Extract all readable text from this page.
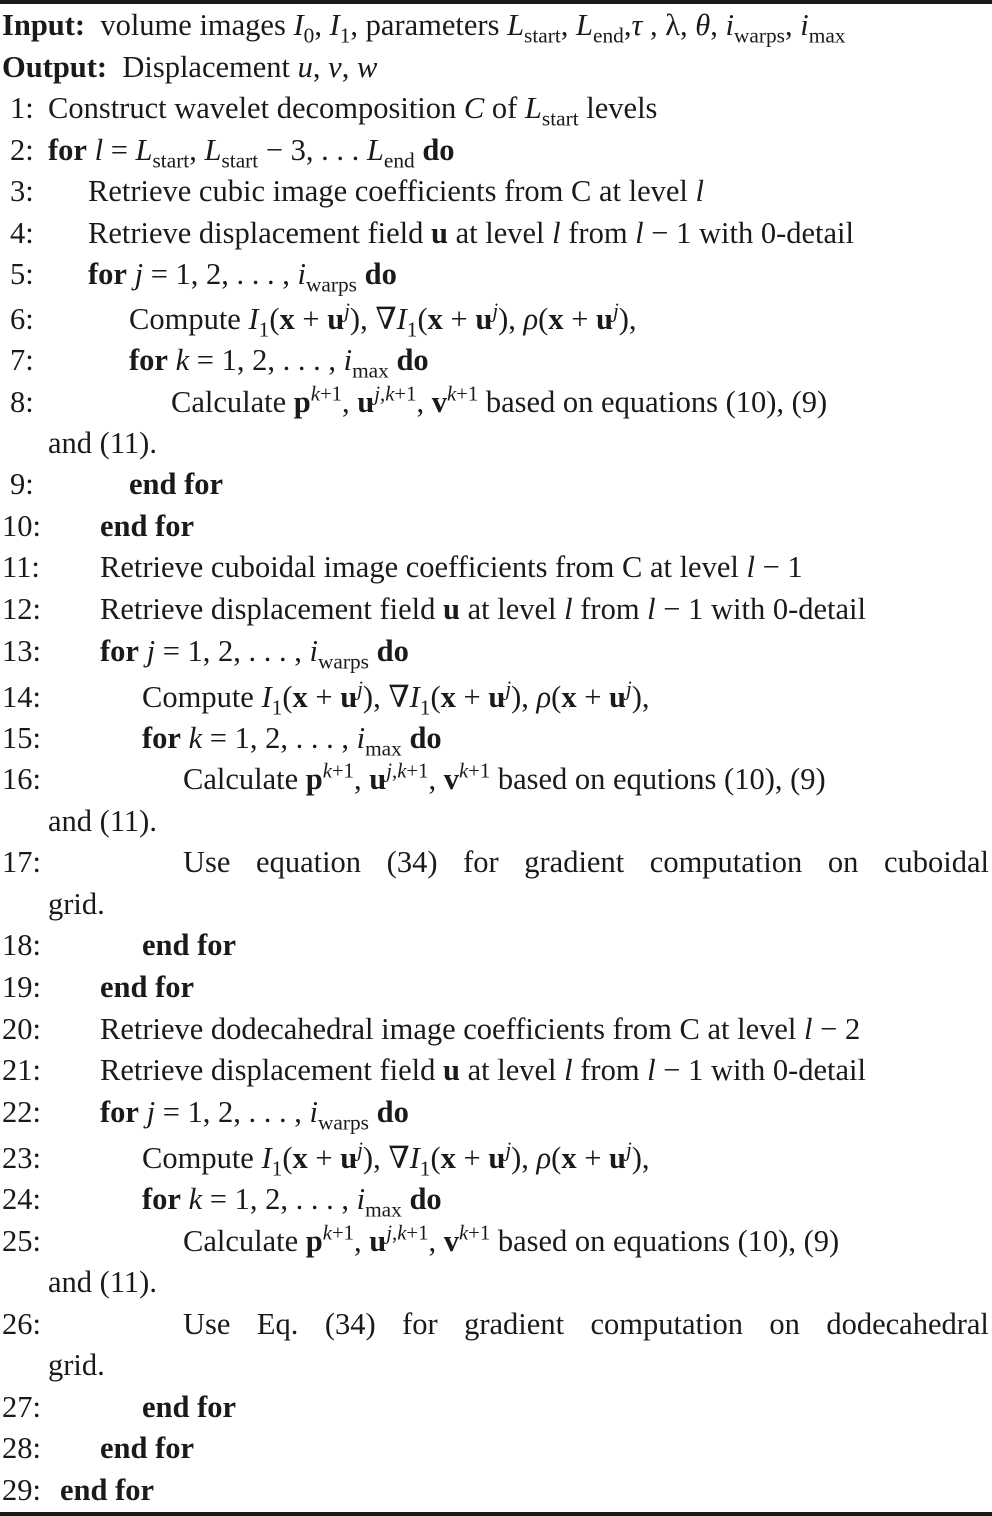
Input: volume images $I_0$, $I_1$, parameters $L_{start}$, $L_{end},\tau$ , λ, θ, $i_{warps}$, $i_{max}$
Output: Displacement u, v, w
1: Construct wavelet decomposition C of $L_{start}$ levels
2: for $l = L_{start}$, $L_{start} - 3$, . . . $L_{end}$ do
3: Retrieve cubic image coefficients from C at level l
4: Retrieve displacement field u at level l from l − 1 with 0-detail
5: for j = 1, 2, . . . , $i_{warps}$ do
6:	Compute $I_1(x + u^j)$, $\nabla I_1(x + u^j)$, $\rho(x + u^j)$,
7:	for k = 1, 2, . . . , $i_{max}$ do
8:	Calculate $p^{k+1}$, $u^{j,k+1}$, $v^{k+1}$ based on equations (10), (9)
and (11).
9:	end for
10: end for
11: Retrieve cuboidal image coefficients from C at level l − 1
12: Retrieve displacement field u at level l from l − 1 with 0-detail
13: for j = 1, 2, . . . , $i_{warps}$ do
14:	Compute $I_1(x + u^j)$, $\nabla I_1(x + u^j)$, $\rho(x + u^j)$,
15:	for k = 1, 2, . . . , $i_{max}$ do
16:	Calculate $p^{k+1}$, $u^{j,k+1}$, $v^{k+1}$ based on equtions (10), (9)
and (11).
17:	Use equation (34) for gradient computation on cuboidal
grid.
18:	end for
19: end for
20: Retrieve dodecahedral image coefficients from C at level l − 2
21: Retrieve displacement field u at level l from l − 1 with 0-detail
22: for j = 1, 2, . . . , $i_{warps}$ do
23:	Compute $I_1(x + u^j)$, $\nabla I_1(x + u^j)$, $\rho(x + u^j)$,
24:	for k = 1, 2, . . . , $i_{max}$ do
25:	Calculate $p^{k+1}$, $u^{j,k+1}$, $v^{k+1}$ based on equations (10), (9)
and (11).
26:	Use Eq. (34) for gradient computation on dodecahedral
grid.
27:	end for
28: end for
29: end for
